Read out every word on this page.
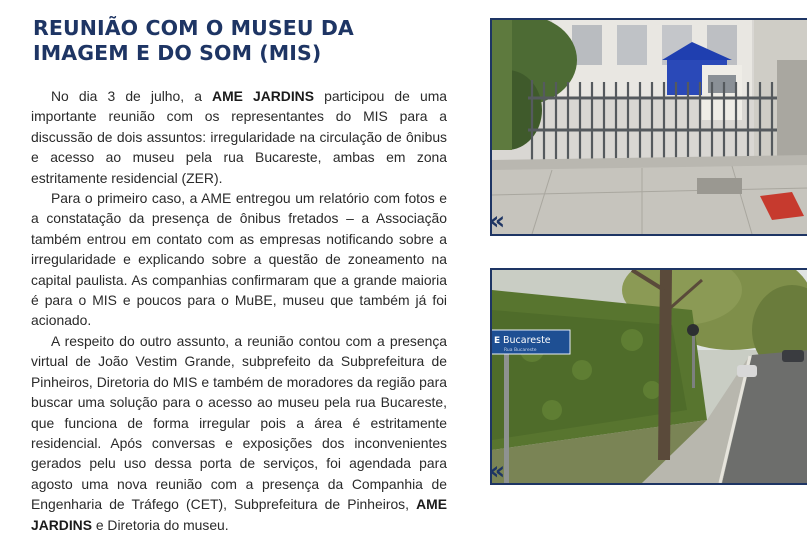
REUNIÃO COM O MUSEU DA
IMAGEM E DO SOM (MIS)

No dia 3 de julho, a AME JARDINS participou de uma importante reunião com os representantes do MIS para a discussão de dois assuntos: irregularidade na circulação de ônibus e acesso ao museu pela rua Bucareste, ambas em zona estritamente residencial (ZER).

Para o primeiro caso, a AME entregou um relatório com fotos e a constatação da presença de ônibus fretados – a Associação também entrou em contato com as empresas notificando sobre a irregularidade e explicando sobre a questão de zoneamento na capital paulista. As companhias confirmaram que a grande maioria é para o MIS e poucos para o MuBE, museu que também já foi acionado.

A respeito do outro assunto, a reunião contou com a presença virtual de João Vestim Grande, subprefeito da Subprefeitura de Pinheiros, Diretoria do MIS e também de moradores da região para buscar uma solução para o acesso ao museu pela rua Bucareste, que funciona de forma irregular pois a área é estritamente residencial. Após conversas e exposições dos inconvenientes gerados pelu uso dessa porta de serviços, foi agendada para agosto uma nova reunião com a presença da Companhia de Engenharia de Tráfego (CET), Subprefeitura de Pinheiros, AME JARDINS e Diretoria do museu.

«
E Bucareste
Rua Bucareste
«
